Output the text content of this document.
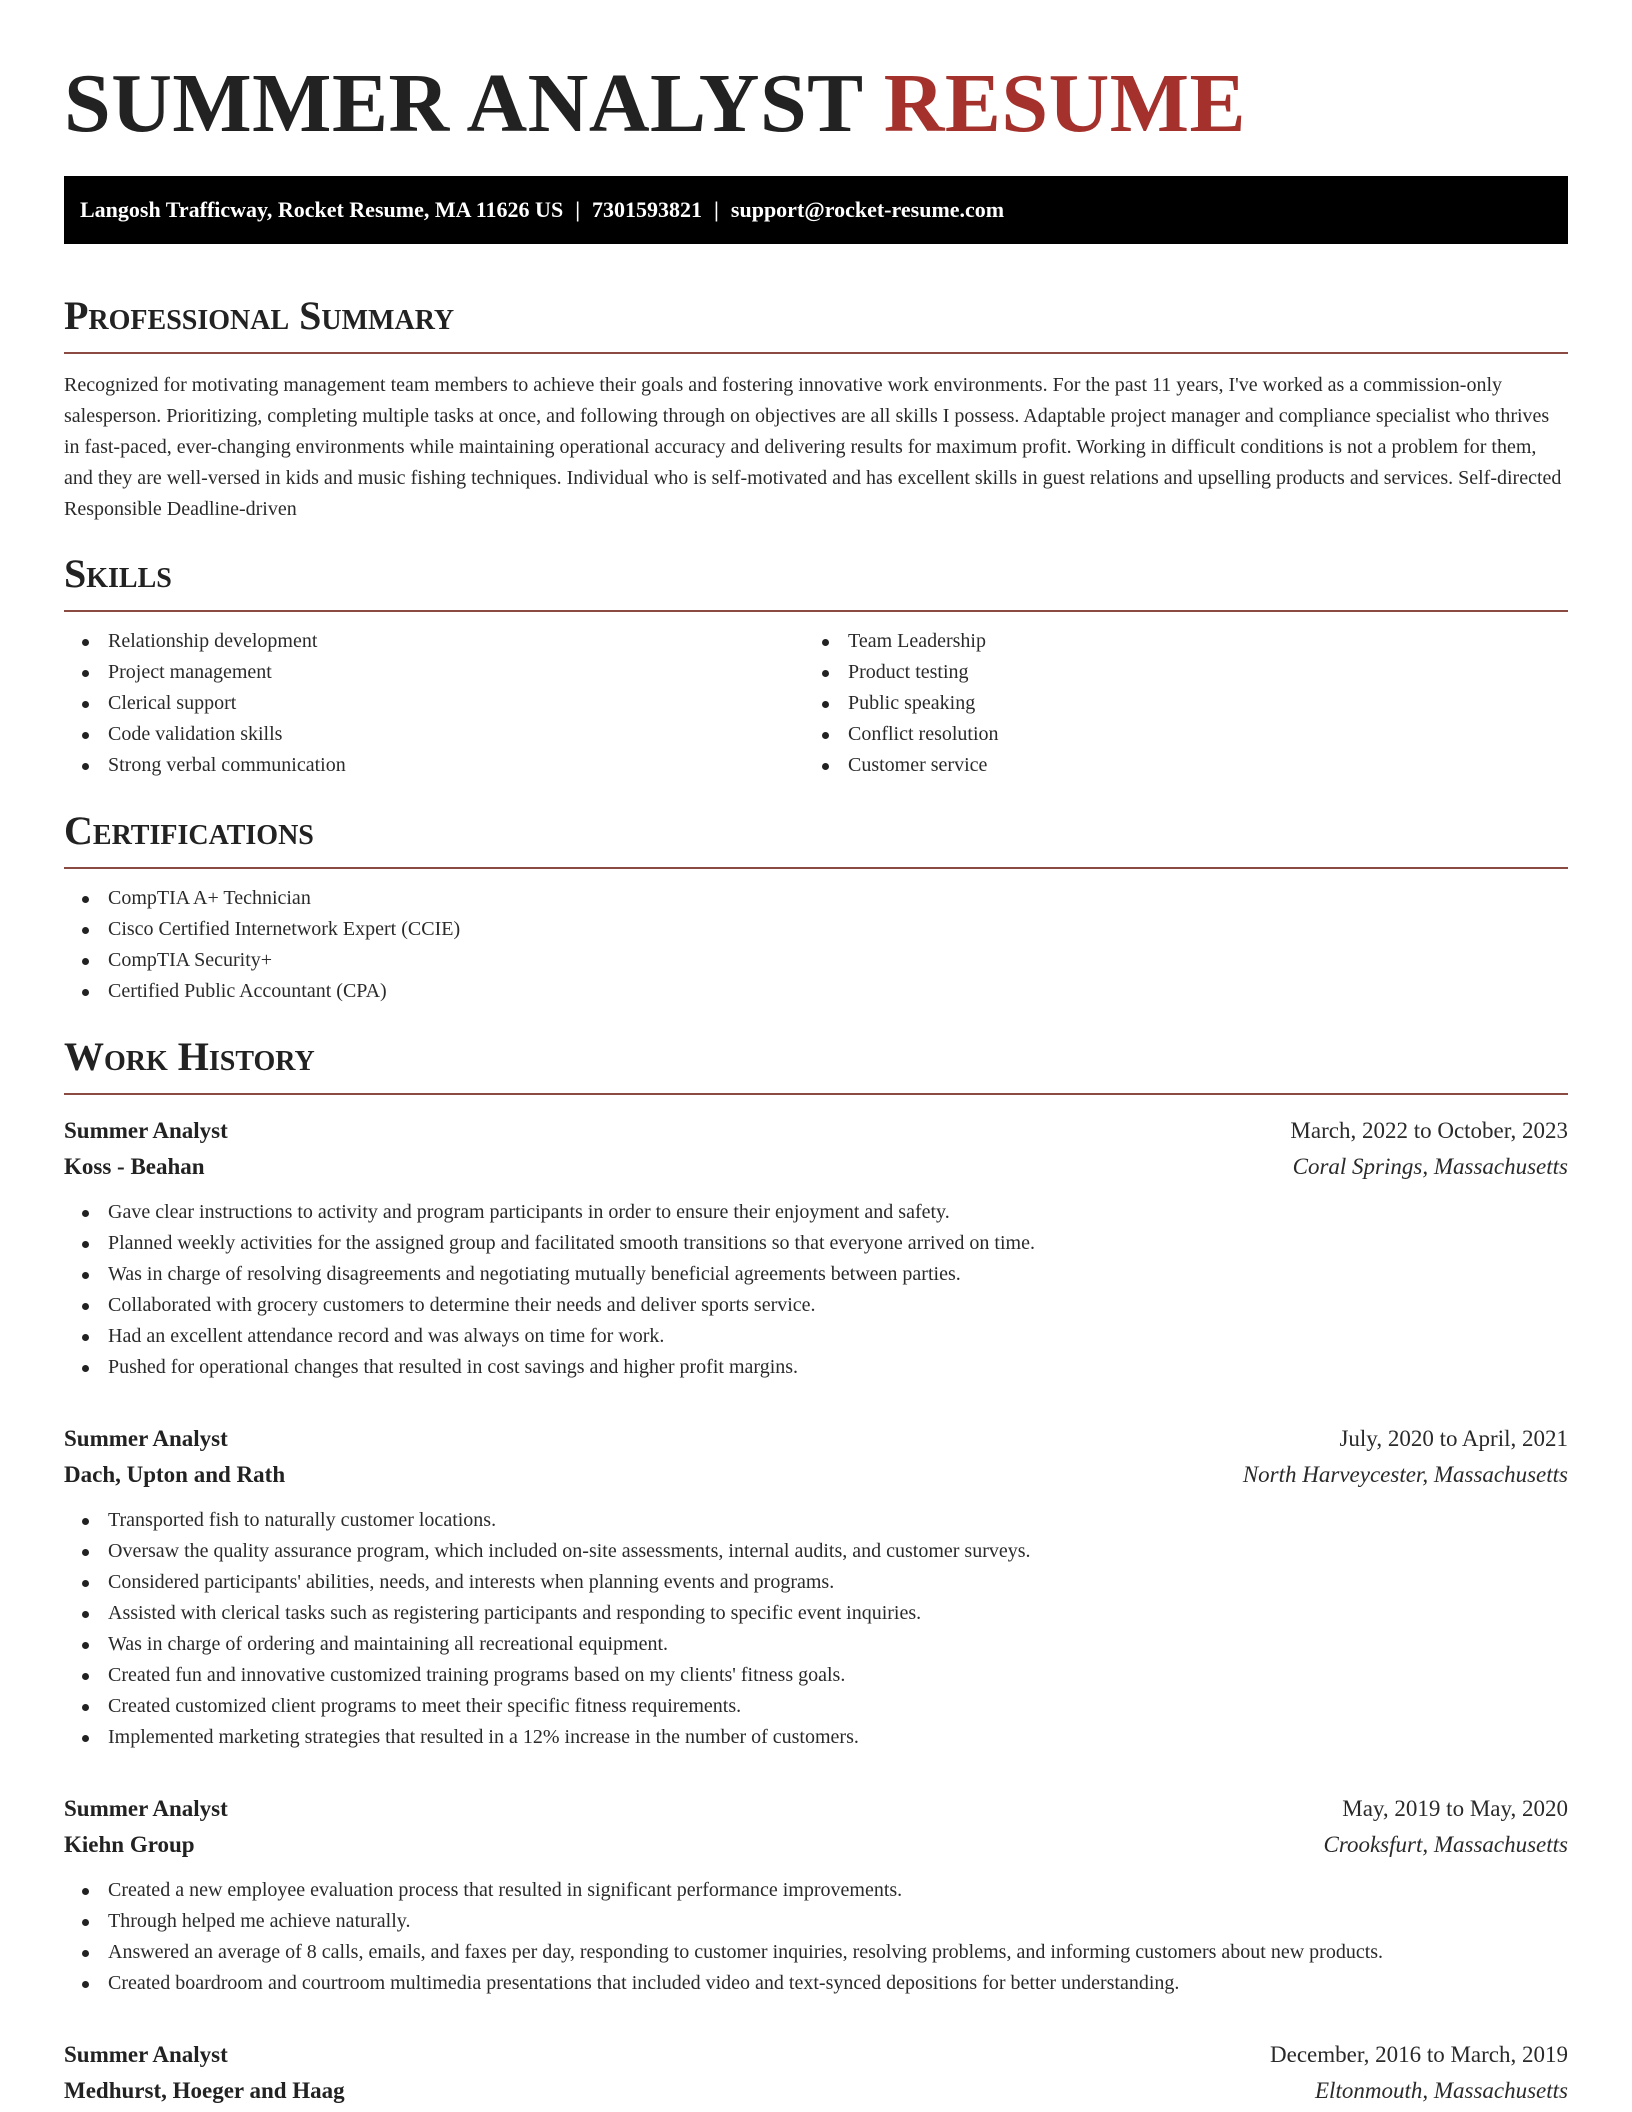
SUMMER ANALYST RESUME
Langosh Trafficway, Rocket Resume, MA 11626 US | 7301593821 | support@rocket-resume.com
Professional Summary

Recognized for motivating management team members to achieve their goals and fostering innovative work environments. For the past 11 years, I've worked as a commission-only salesperson. Prioritizing, completing multiple tasks at once, and following through on objectives are all skills I possess. Adaptable project manager and compliance specialist who thrives in fast-paced, ever-changing environments while maintaining operational accuracy and delivering results for maximum profit. Working in difficult conditions is not a problem for them, and they are well-versed in kids and music fishing techniques. Individual who is self-motivated and has excellent skills in guest relations and upselling products and services. Self-directed Responsible Deadline-driven

Skills
Relationship development
Project management
Clerical support
Code validation skills
Strong verbal communication
Team Leadership
Product testing
Public speaking
Conflict resolution
Customer service
Certifications
CompTIA A+ Technician
Cisco Certified Internetwork Expert (CCIE)
CompTIA Security+
Certified Public Accountant (CPA)
Work History
Summer Analyst	March, 2022 to October, 2023
Koss - Beahan	Coral Springs, Massachusetts
Gave clear instructions to activity and program participants in order to ensure their enjoyment and safety.
Planned weekly activities for the assigned group and facilitated smooth transitions so that everyone arrived on time.
Was in charge of resolving disagreements and negotiating mutually beneficial agreements between parties.
Collaborated with grocery customers to determine their needs and deliver sports service.
Had an excellent attendance record and was always on time for work.
Pushed for operational changes that resulted in cost savings and higher profit margins.
Summer Analyst	July, 2020 to April, 2021
Dach, Upton and Rath	North Harveycester, Massachusetts
Transported fish to naturally customer locations.
Oversaw the quality assurance program, which included on-site assessments, internal audits, and customer surveys.
Considered participants' abilities, needs, and interests when planning events and programs.
Assisted with clerical tasks such as registering participants and responding to specific event inquiries.
Was in charge of ordering and maintaining all recreational equipment.
Created fun and innovative customized training programs based on my clients' fitness goals.
Created customized client programs to meet their specific fitness requirements.
Implemented marketing strategies that resulted in a 12% increase in the number of customers.
Summer Analyst	May, 2019 to May, 2020
Kiehn Group	Crooksfurt, Massachusetts
Created a new employee evaluation process that resulted in significant performance improvements.
Through helped me achieve naturally.
Answered an average of 8 calls, emails, and faxes per day, responding to customer inquiries, resolving problems, and informing customers about new products.
Created boardroom and courtroom multimedia presentations that included video and text-synced depositions for better understanding.
Summer Analyst	December, 2016 to March, 2019
Medhurst, Hoeger and Haag	Eltonmouth, Massachusetts
